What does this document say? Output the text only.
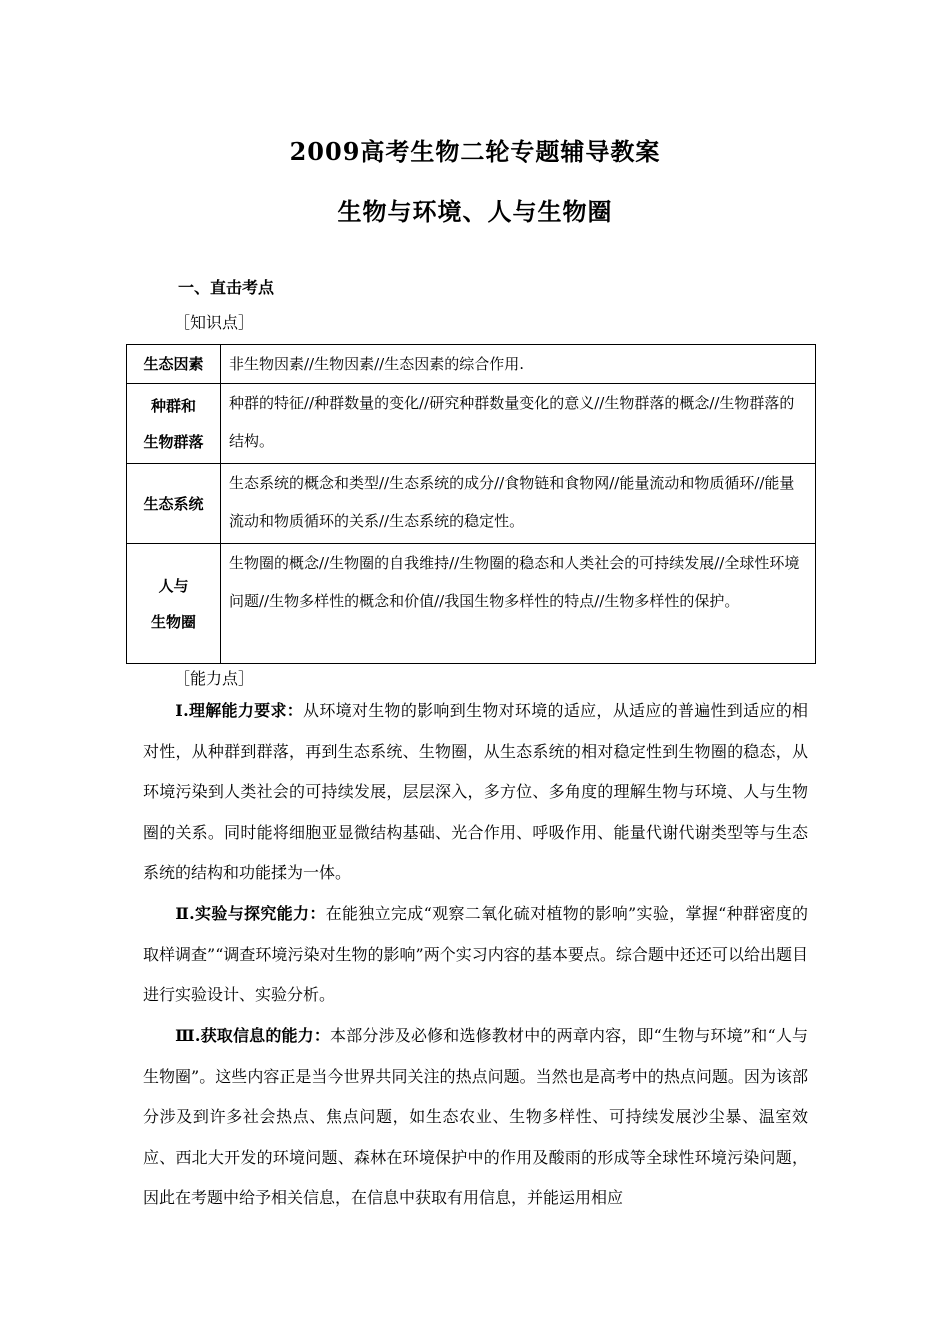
2009高考生物二轮专题辅导教案
生物与环境、人与生物圈
一、直击考点
［知识点］
生态因素	非生物因素//生物因素//生态因素的综合作用.

种群和
生物群落	种群的特征//种群数量的变化//研究种群数量变化的意义//生物群落的概念//生物群落的结构。

生态系统	生态系统的概念和类型//生态系统的成分//食物链和食物网//能量流动和物质循环//能量流动和物质循环的关系//生态系统的稳定性。

人与
生物圈	生物圈的概念//生物圈的自我维持//生物圈的稳态和人类社会的可持续发展//全球性环境问题//生物多样性的概念和价值//我国生物多样性的特点//生物多样性的保护。
［能力点］

Ⅰ.理解能力要求：从环境对生物的影响到生物对环境的适应，从适应的普遍性到适应的相对性，从种群到群落，再到生态系统、生物圈，从生态系统的相对稳定性到生物圈的稳态，从环境污染到人类社会的可持续发展，层层深入，多方位、多角度的理解生物与环境、人与生物圈的关系。同时能将细胞亚显微结构基础、光合作用、呼吸作用、能量代谢代谢类型等与生态系统的结构和功能揉为一体。

Ⅱ.实验与探究能力：在能独立完成“观察二氧化硫对植物的影响”实验，掌握“种群密度的取样调查”“调查环境污染对生物的影响”两个实习内容的基本要点。综合题中还还可以给出题目进行实验设计、实验分析。

Ⅲ.获取信息的能力：本部分涉及必修和选修教材中的两章内容，即“生物与环境”和“人与生物圈”。这些内容正是当今世界共同关注的热点问题。当然也是高考中的热点问题。因为该部分涉及到许多社会热点、焦点问题，如生态农业、生物多样性、可持续发展沙尘暴、温室效应、西北大开发的环境问题、森林在环境保护中的作用及酸雨的形成等全球性环境污染问题，因此在考题中给予相关信息，在信息中获取有用信息，并能运用相应
